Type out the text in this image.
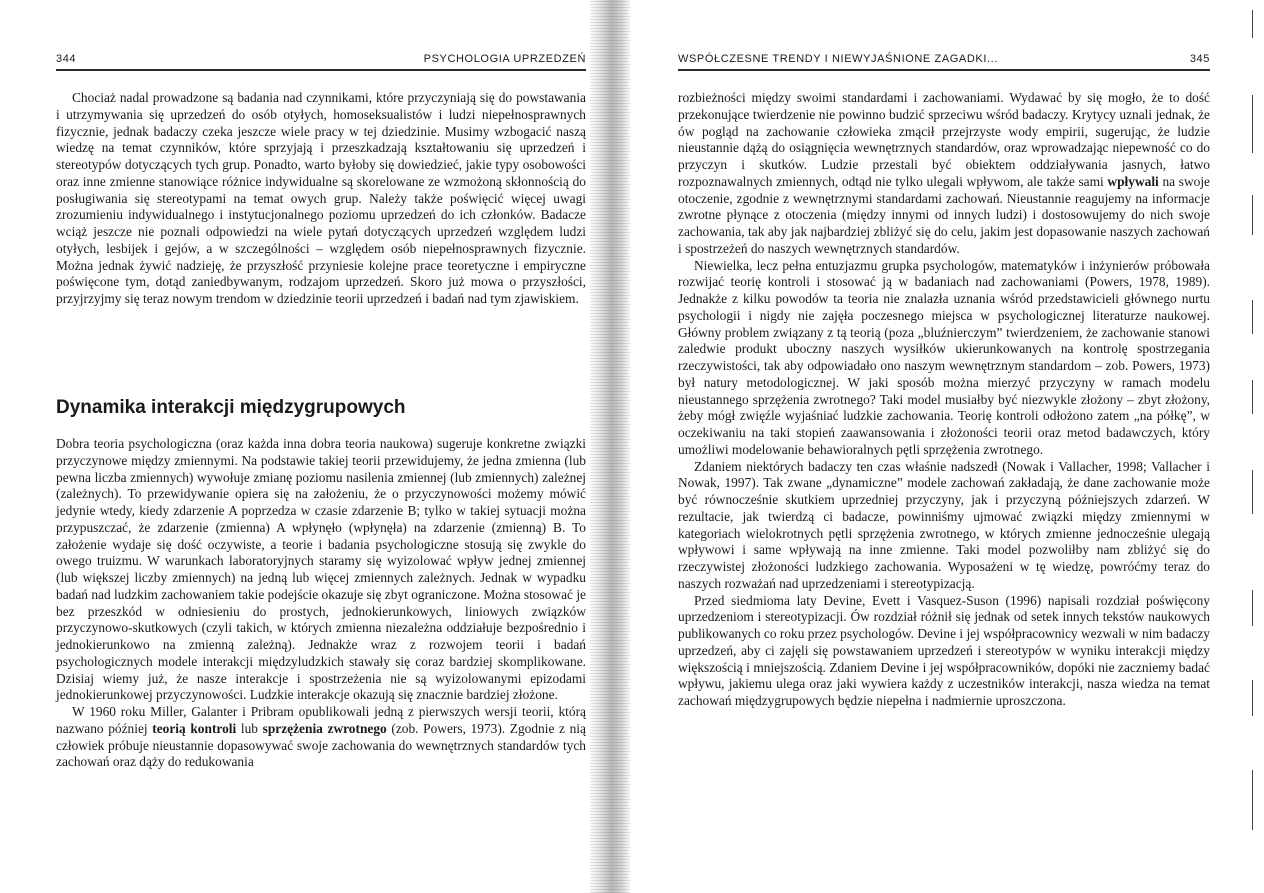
344	PSYCHOLOGIA UPRZEDZEŃ

Chociaż nadal prowadzone są badania nad czynnikami, które przyczyniają się do powstawania i utrzymywania się uprzedzeń do osób otyłych, homoseksualistów i ludzi niepełnosprawnych fizycznie, jednak badaczy czeka jeszcze wiele pracy w tej dziedzinie. Musimy wzbogacić naszą wiedzę na temat czynników, które sprzyjają i przeszkadzają kształtowaniu się uprzedzeń i stereotypów dotyczących tych grup. Ponadto, warto byłoby się dowiedzieć, jakie typy osobowości oraz inne zmienne stanowiące różnice indywidualne są skorelowane ze wzmożoną skłonnością do posługiwania się stereotypami na temat owych grup. Należy także poświęcić więcej uwagi zrozumieniu indywidualnego i instytucjonalnego poziomu uprzedzeń do ich członków. Badacze wciąż jeszcze nie poznali odpowiedzi na wiele pytań dotyczących uprzedzeń względem ludzi otyłych, lesbijek i gejów, a w szczególności – względem osób niepełnosprawnych fizycznie. Można jednak żywić nadzieję, że przyszłość przyniesie kolejne prace teoretyczne i empiryczne poświęcone tym, dotąd zaniedbywanym, rodzajom uprzedzeń. Skoro już mowa o przyszłości, przyjrzyjmy się teraz nowym trendom w dziedzinie teorii uprzedzeń i badań nad tym zjawiskiem.

Dynamika interakcji międzygrupowych

Dobra teoria psychologiczna (oraz każda inna dobra teoria naukowa) sugeruje konkretne związki przyczynowe między zmiennymi. Na podstawie takiej teorii przewidujemy, że jedna zmienna (lub pewna liczba zmiennych) wywołuje zmianę poziomu nasilenia zmiennej (lub zmiennych) zależnej (zależnych). To przewidywanie opiera się na założeniu, że o przyczynowości możemy mówić jedynie wtedy, kiedy zdarzenie A poprzedza w czasie zdarzenie B; tylko w takiej sytuacji można przypuszczać, że zdarzenie (zmienna) A wpłynęło (wpłynęła) na zdarzenie (zmienną) B. To założenie wydaje się dość oczywiste, a teorie i badania psychologiczne stosują się zwykle do owego truizmu. W warunkach laboratoryjnych staramy się wyizolować wpływ jednej zmiennej (lub większej liczby zmiennych) na jedną lub więcej zmiennych zależnych. Jednak w wypadku badań nad ludzkim zachowaniem takie podejście okazuje się zbyt ograniczone. Można stosować je bez przeszkód w odniesieniu do prostych, jednokierunkowych, liniowych związków przyczynowo-skutkowych (czyli takich, w których zmienna niezależna oddziałuje bezpośrednio i jednokierunkowo na zmienną zależną). Jednakże wraz z rozwojem teorii i badań psychologicznych modele interakcji międzyludzkich stawały się coraz bardziej skomplikowane. Dzisiaj wiemy już, że nasze interakcje i spostrzeżenia nie są wyizolowanymi epizodami jednokierunkowej przyczynowości. Ludzkie interakcje okazują się znacznie bardziej złożone.

W 1960 roku Miller, Galanter i Pribram opublikowali jedną z pierwszych wersji teorii, którą nazwano później teorią kontroli lub sprzężenia zwrotnego (zob. Powers, 1973). Zgodnie z nią człowiek próbuje nieustannie dopasowywać swoje zachowania do wewnętrznych standardów tych zachowań oraz dąży do redukowania

WSPÓŁCZESNE TRENDY I NIEWYJAŚNIONE ZAGADKI...	345

rozbieżności między swoimi standardami i zachowaniami. Wydawać by się mogło, że to dość przekonujące twierdzenie nie powinno budzić sprzeciwu wśród badaczy. Krytycy uznali jednak, że ów pogląd na zachowanie człowieka zmącił przejrzyste wody empirii, sugerując, że ludzie nieustannie dążą do osiągnięcia wewnętrznych standardów, oraz wprowadzając niepewność co do przyczyn i skutków. Ludzie przestali być obiektem oddziaływania jasnych, łatwo rozpoznawalnych zmiennych, odtąd nie tylko ulegali wpływom, ale także sami wpływali na swoje otoczenie, zgodnie z wewnętrznymi standardami zachowań. Nieustannie reagujemy na informacje zwrotne płynące z otoczenia (między innymi od innych ludzi) i dostosowujemy do nich swoje zachowania, tak aby jak najbardziej zbliżyć się do celu, jakim jest dopasowanie naszych zachowań i spostrzeżeń do naszych wewnętrznych standardów.

Niewielka, lecz pełna entuzjazmu grupka psychologów, matematyków i inżynierów próbowała rozwijać teorię kontroli i stosować ją w badaniach nad zachowaniami (Powers, 1978, 1989). Jednakże z kilku powodów ta teoria nie znalazła uznania wśród przedstawicieli głównego nurtu psychologii i nigdy nie zajęła poczesnego miejsca w psychologicznej literaturze naukowej. Główny problem związany z tą teorią (poza „bluźnierczym” twierdzeniem, że zachowanie stanowi zaledwie produkt uboczny naszych wysiłków ukierunkowanych na kontrolę spostrzegania rzeczywistości, tak aby odpowiadało ono naszym wewnętrznym standardom – zob. Powers, 1973) był natury metodologicznej. W jaki sposób można mierzyć przyczyny w ramach modelu nieustannego sprzężenia zwrotnego? Taki model musiałby być niezwykle złożony – zbyt złożony, żeby mógł zwięźle wyjaśniać ludzkie zachowania. Teorię kontroli odłożono zatem „na półkę”, w oczekiwaniu na taki stopień zaawansowania i złożoności teorii oraz metod badawczych, który umożliwi modelowanie behawioralnych pętli sprzężenia zwrotnego.

Zdaniem niektórych badaczy ten czas właśnie nadszedł (Nowak i Vallacher, 1998; Vallacher i Nowak, 1997). Tak zwane „dynamiczne” modele zachowań zakładają, że dane zachowanie może być równocześnie skutkiem uprzedniej przyczyny, jak i przyczyną późniejszych zdarzeń. W rezultacie, jak twierdzą ci badacze, powinniśmy ujmować związki między zmiennymi w kategoriach wielokrotnych pętli sprzężenia zwrotnego, w których zmienne jednocześnie ulegają wpływowi i same wpływają na inne zmienne. Taki model pozwoliłby nam zbliżyć się do rzeczywistej złożoności ludzkiego zachowania. Wyposażeni w tę wiedzę, powróćmy teraz do naszych rozważań nad uprzedzeniami i stereotypizacją.

Przed siedmioma laty Devine, Evett i Vasquez-Suson (1996) napisali rozdział poświęcony uprzedzeniom i stereotypizacji. Ów rozdział różnił się jednak od setek innych tekstów naukowych publikowanych co roku przez psychologów. Devine i jej współpracownicy wezwali w nim badaczy uprzedzeń, aby ci zajęli się powstawaniem uprzedzeń i stereotypów w wyniku interakcji między większością i mniejszością. Zdaniem Devine i jej współpracowników, dopóki nie zaczniemy badać wpływu, jakiemu ulega oraz jaki wywiera każdy z uczestników interakcji, nasza wiedza na temat zachowań międzygrupowych będzie niepełna i nadmiernie uproszczona.
